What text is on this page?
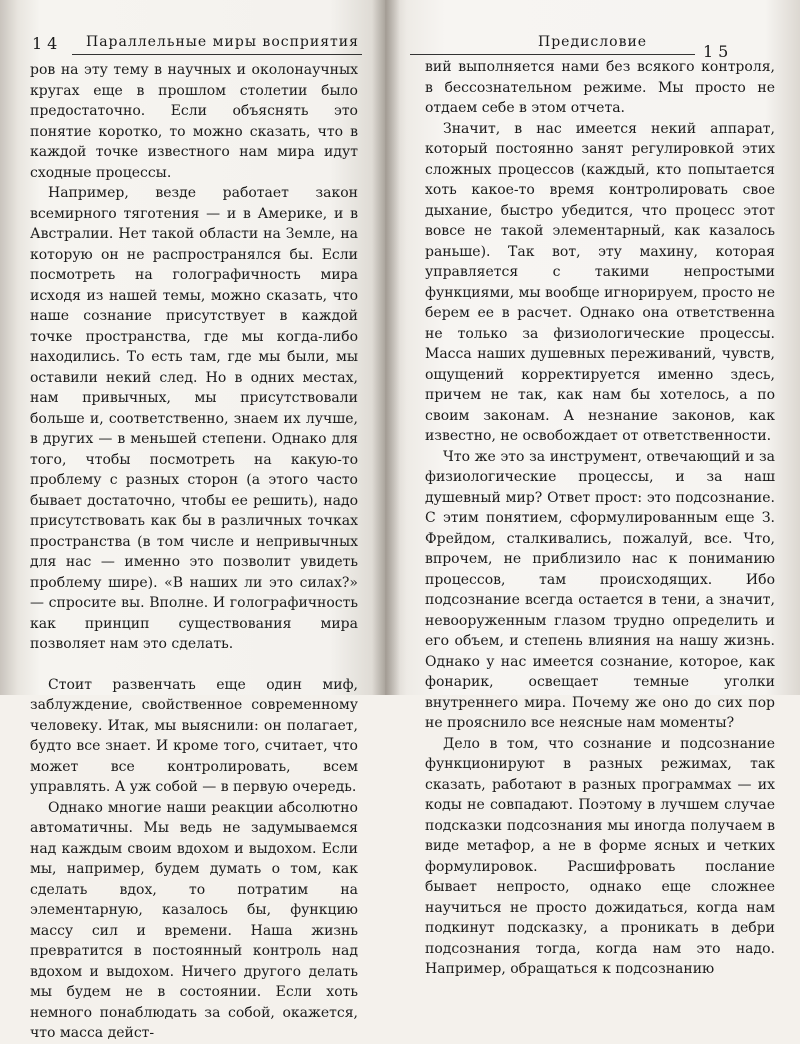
14 Параллельные миры восприятия	Предисловие	15

ров на эту тему в научных и околонаучных кругах еще в прошлом столетии было предостаточно. Если объяснять это понятие коротко, то можно сказать, что в каждой точке известного нам мира идут сходные процессы.

Например, везде работает закон всемирного тяготения — и в Америке, и в Австралии. Нет такой области на Земле, на которую он не распространялся бы. Если посмотреть на голографичность мира исходя из нашей темы, можно сказать, что наше сознание присутствует в каждой точке пространства, где мы когда-либо находились. То есть там, где мы были, мы оставили некий след. Но в одних местах, нам привычных, мы присутствовали больше и, соответственно, знаем их лучше, в других — в меньшей степени. Однако для того, чтобы посмотреть на какую-то проблему с разных сторон (а этого часто бывает достаточно, чтобы ее решить), надо присутствовать как бы в различных точках пространства (в том числе и непривычных для нас — именно это позволит увидеть проблему шире). «В наших ли это силах?» — спросите вы. Вполне. И голографичность как принцип существования мира позволяет нам это сделать.

Стоит развенчать еще один миф, заблуждение, свойственное современному человеку. Итак, мы выяснили: он полагает, будто все знает. И кроме того, считает, что может все контролировать, всем управлять. А уж собой — в первую очередь.

Однако многие наши реакции абсолютно автоматичны. Мы ведь не задумываемся над каждым своим вдохом и выдохом. Если мы, например, будем думать о том, как сделать вдох, то потратим на элементарную, казалось бы, функцию массу сил и времени. Наша жизнь превратится в постоянный контроль над вдохом и выдохом. Ничего другого делать мы будем не в состоянии. Если хоть немного понаблюдать за собой, окажется, что масса дейст-

вий выполняется нами без всякого контроля, в бессознательном режиме. Мы просто не отдаем себе в этом отчета.

Значит, в нас имеется некий аппарат, который постоянно занят регулировкой этих сложных процессов (каждый, кто попытается хоть какое-то время контролировать свое дыхание, быстро убедится, что процесс этот вовсе не такой элементарный, как казалось раньше). Так вот, эту махину, которая управляется с такими непростыми функциями, мы вообще игнорируем, просто не берем ее в расчет. Однако она ответственна не только за физиологические процессы. Масса наших душевных переживаний, чувств, ощущений корректируется именно здесь, причем не так, как нам бы хотелось, а по своим законам. А незнание законов, как известно, не освобождает от ответственности.

Что же это за инструмент, отвечающий и за физиологические процессы, и за наш душевный мир? Ответ прост: это подсознание. С этим понятием, сформулированным еще З. Фрейдом, сталкивались, пожалуй, все. Что, впрочем, не приблизило нас к пониманию процессов, там происходящих. Ибо подсознание всегда остается в тени, а значит, невооруженным глазом трудно определить и его объем, и степень влияния на нашу жизнь. Однако у нас имеется сознание, которое, как фонарик, освещает темные уголки внутреннего мира. Почему же оно до сих пор не прояснило все неясные нам моменты?

Дело в том, что сознание и подсознание функционируют в разных режимах, так сказать, работают в разных программах — их коды не совпадают. Поэтому в лучшем случае подсказки подсознания мы иногда получаем в виде метафор, а не в форме ясных и четких формулировок. Расшифровать послание бывает непросто, однако еще сложнее научиться не просто дожидаться, когда нам подкинут подсказку, а проникать в дебри подсознания тогда, когда нам это надо. Например, обращаться к подсознанию
